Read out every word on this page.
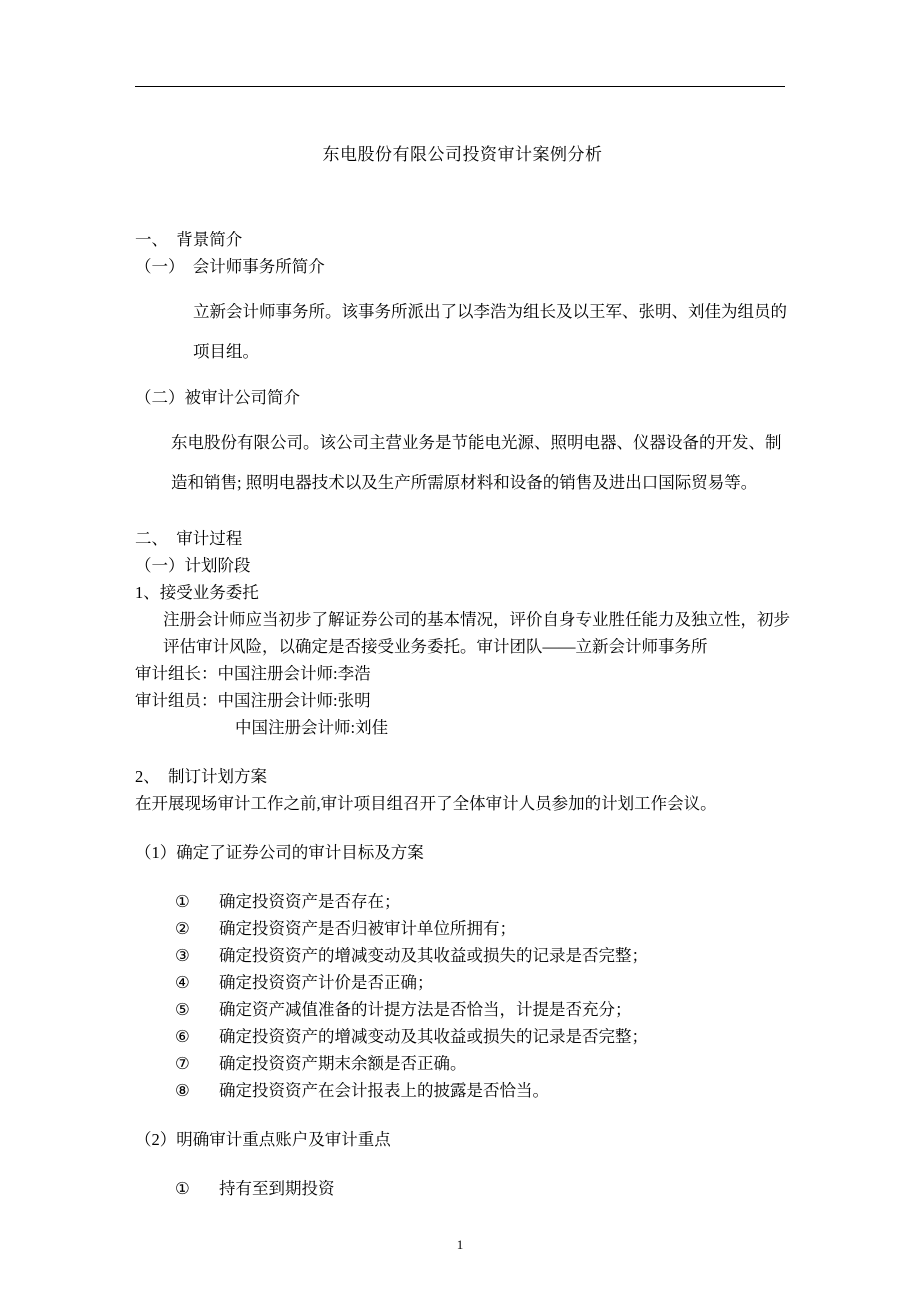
东电股份有限公司投资审计案例分析

一、　背景简介

（一）　会计师事务所简介

立新会计师事务所。该事务所派出了以李浩为组长及以王军、张明、刘佳为组员的项目组。

（二）被审计公司简介

东电股份有限公司。该公司主营业务是节能电光源、照明电器、仪器设备的开发、制造和销售; 照明电器技术以及生产所需原材料和设备的销售及进出口国际贸易等。

二、　审计过程

（一）计划阶段

1、接受业务委托

注册会计师应当初步了解证券公司的基本情况，评价自身专业胜任能力及独立性，初步评估审计风险，以确定是否接受业务委托。审计团队——立新会计师事务所

审计组长：中国注册会计师:李浩

审计组员：中国注册会计师:张明

中国注册会计师:刘佳

2、　制订计划方案

在开展现场审计工作之前,审计项目组召开了全体审计人员参加的计划工作会议。

（1）确定了证券公司的审计目标及方案

①	确定投资资产是否存在；
②	确定投资资产是否归被审计单位所拥有；
③	确定投资资产的增减变动及其收益或损失的记录是否完整；
④	确定投资资产计价是否正确；
⑤	确定资产减值准备的计提方法是否恰当，计提是否充分；
⑥	确定投资资产的增减变动及其收益或损失的记录是否完整；
⑦	确定投资资产期末余额是否正确。
⑧	确定投资资产在会计报表上的披露是否恰当。

（2）明确审计重点账户及审计重点

①	持有至到期投资
1
